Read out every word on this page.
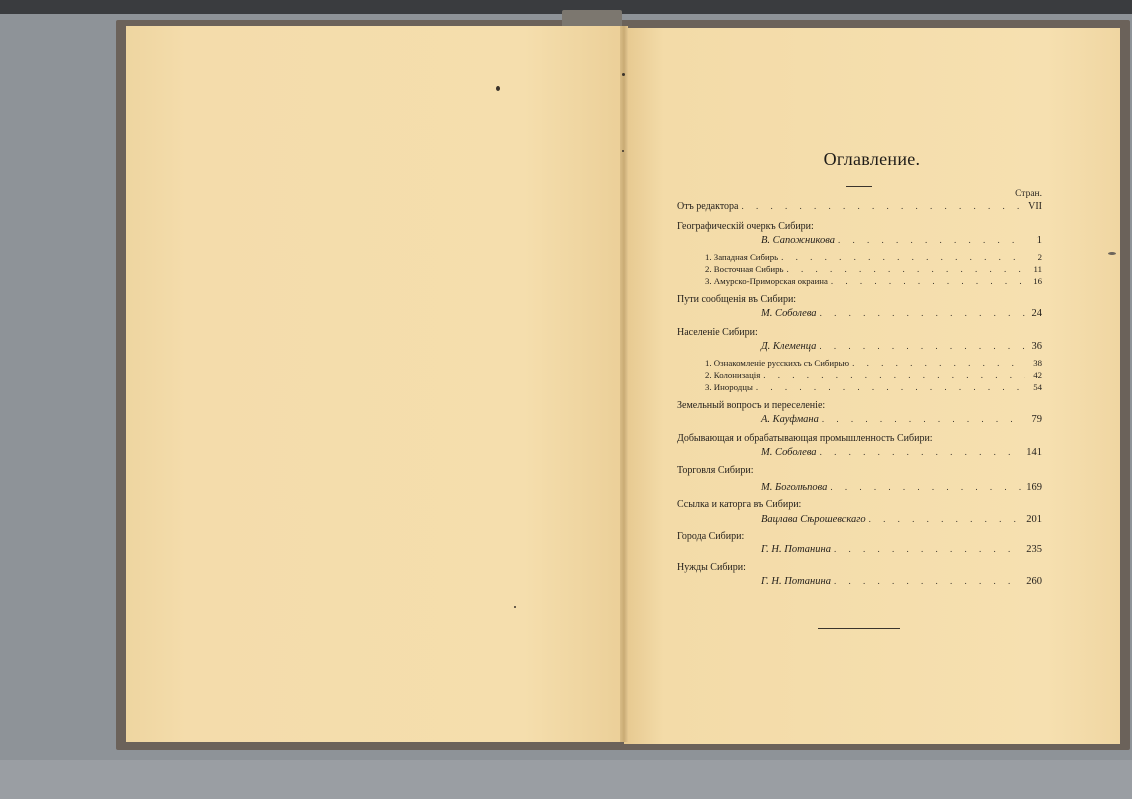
Оглавление.
Стран.
Отъ редактора . . .	VII
Географическій очеркъ Сибири:
В. Сапожникова . . .	1
1. Западная Сибирь . . .	2
2. Восточная Сибирь . . .	11
3. Амурско-Приморская окраина . . .	16
Пути сообщенія въ Сибири:
М. Соболева . . .	24
Населеніе Сибири:
Д. Клеменца . . .	36
1. Ознакомленіе русскихъ съ Сибирью . . .	38
2. Колонизація . . .	42
3. Инородцы . . .	54
Земельный вопросъ и переселеніе:
А. Кауфмана . . .	79
Добывающая и обрабатывающая промышленность Сибири:
М. Соболева . . .	141
Торговля Сибири:
М. Боголѣпова . . .	169
Ссылка и каторга въ Сибири:
Вацлава Сѣрошевскаго . . .	201
Города Сибири:
Г. Н. Потанина . . .	235
Нужды Сибири:
Г. Н. Потанина . . .	260
